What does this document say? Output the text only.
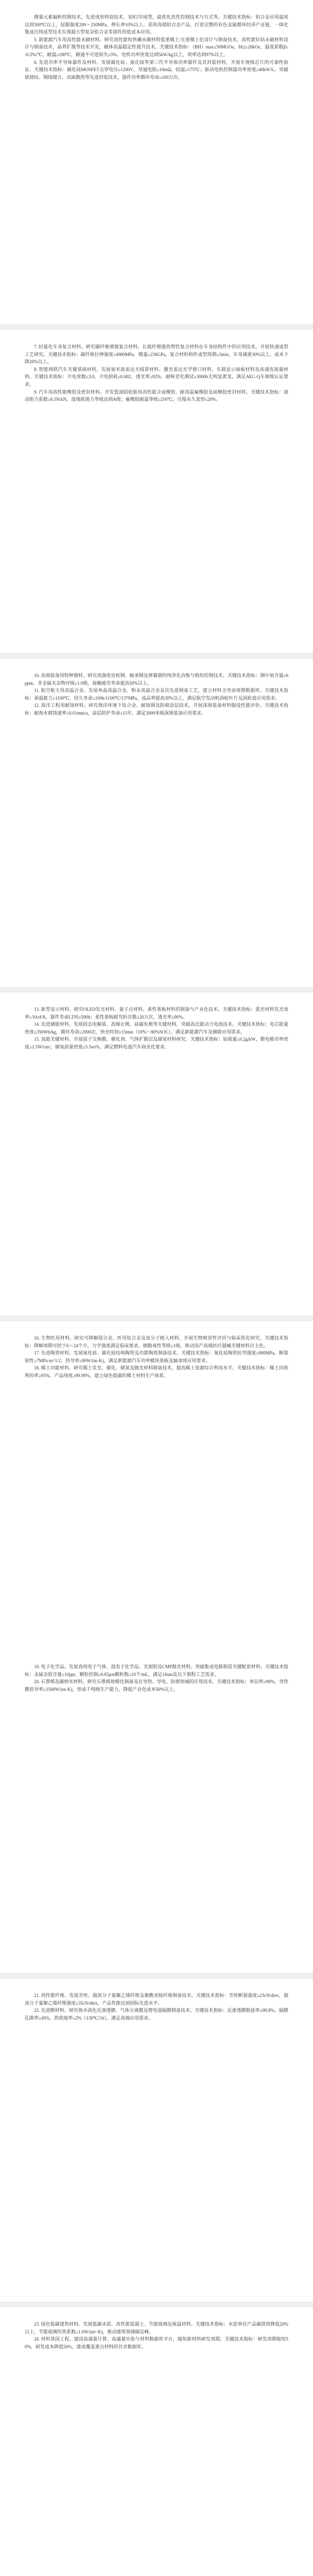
微量元素偏析控制技术，先进成形铸造技术，3D打印成型，最优化改性控制技术与方式等。关键技术指标：铝合金应用温度达到300℃以上，屈服强度200～250MPa，伸长率10%以上。采用高端铝合金产品，打造完整的有色金属循环经济产业链，一体化集成压铸成型技术实现超大型复杂铝合金零部件的低成本应用。

5. 新能源汽车用高性能永磁材料。研究高性能钕铁硼永磁材料低重稀土/无重稀土化设计与制备技术，高性能钐钴永磁材料设计与制备技术，晶界扩散等技术开发，磁体高温稳定性提升技术。关键技术指标：（BH）max≥50MGOe，Hcj≥20kOe，温度系数β≤-0.5%/℃，耐温≥180℃，磁通不可逆损失≤5%。电机功率密度达到5kW/kg以上，效率达到97%以上。

6. 先进功率半导体器件及材料。发展碳化硅、氮化镓等第三代半导体功率器件及其封装材料，开展车规级芯片的可靠性验证。关键技术指标：碳化硅MOSFET击穿电压≥1200V，导通电阻≤10mΩ，结温≥175℃；驱动电机控制器功率密度≥40kW/L。突破银烧结、铜线键合、双面散热等先进封装技术，器件功率循环寿命≥100万次。

7. 轻量化车身复合材料。研究碳纤维增强复合材料、长玻纤增强热塑性复合材料在车身结构件中的应用技术，开展快速成型工艺研究。关键技术指标：碳纤维拉伸强度≥4900MPa，模量≥230GPa，复合材料构件成型周期≤3min，车身减重30%以上，成本下降20%以上。

8. 智能网联汽车关键基础材料。发展毫米波雷达天线罩材料、激光雷达光学窗口材料、车载显示面板材料及高速连接器材料。关键技术指标：介电常数≤3.0，介电损耗≤0.002，透光率≥92%，耐候老化测试≥3000h无明显黄变，满足AEC-Q车规级认证要求。

9. 汽车用高性能橡胶及密封材料。开发低滚阻轮胎用高性能合成橡胶、耐高温氟橡胶及硅橡胶密封材料。关键技术指标：滚动阻力系数≤6.5N/kN，湿地抓地力等级达到A级；氟橡胶耐温等级≥250℃，压缩永久变形≤20%。

10. 高端装备用特种钢材。研究高强度齿轮钢、轴承钢及弹簧钢的纯净化冶炼与组织控制技术。关键技术指标：钢中氧含量≤6ppm，非金属夹杂物评级≤1.0级，接触疲劳寿命提高50%以上。

11. 航空航天用高温合金。发展单晶高温合金、粉末高温合金及其先进制备工艺，建立材料全寿命周期数据库。关键技术指标：承温能力≥1100℃，持久寿命≥100h/1100℃/137MPa，成品率提高30%以上，满足航空发动机涡轮叶片及涡轮盘应用需求。

12. 海洋工程用耐蚀材料。研究海洋环境下钛合金、耐蚀钢及防腐涂层技术，开展深海装备材料服役性能评价。关键技术指标：耐海水腐蚀速率≤0.01mm/a，涂层防护寿命≥15年，满足3000米级深海装备应用要求。

13. 新型显示材料。研究OLED发光材料、量子点材料、柔性基板材料的制备与产业化技术。关键技术指标：蓝光材料发光效率≥10cd/A，器件寿命LT95≥500h；柔性基板耐弯折次数≥20万次，透光率≥90%。

14. 先进储能材料。发展固态电解质、高镍正极、硅碳负极等关键材料，突破高比能动力电池技术。关键技术指标：电芯能量密度≥350Wh/kg，循环寿命≥2000次，快充时间≤15min（10%～80%SOC），满足新能源汽车及储能应用需求。

15. 氢能关键材料。开展质子交换膜、催化剂、气体扩散层及储氢材料研究。关键技术指标：铂载量≤0.2g/kW，膜电极功率密度≥1.5W/cm²，储氢质量密度≥5.5wt%，满足燃料电池汽车商业化要求。

16. 生物医用材料。研究可降解镁合金、医用钛合金及高分子植入材料，开展生物相容性评价与临床转化研究。关键技术指标：降解周期可控于6～24个月，力学强度满足临床要求，细胞毒性等级≤1级，推动国产高端医疗器械关键材料自主化。

17. 先进陶瓷材料。发展氮化硅、碳化硅结构陶瓷及功能陶瓷制备技术。关键技术指标：氮化硅陶瓷抗弯强度≥900MPa，断裂韧性≥7MPa·m^1/2，热导率≥90W/(m·K)，满足新能源汽车功率模块基板及轴承球应用要求。

18. 稀土功能材料。研究稀土发光、催化、储氢及抛光材料制备技术，提高稀土资源综合利用水平。关键技术指标：稀土回收利用率≥95%，产品纯度≥99.99%，建立绿色低碳的稀土材料生产体系。

19. 电子化学品。发展高纯电子气体、湿电子化学品、光刻胶及CMP抛光材料，突破集成电路制造关键配套材料。关键技术指标：金属杂质含量≤10ppt，颗粒控制≥0.05μm颗粒数≤10个/mL，满足14nm及以下制程工艺需求。

20. 石墨烯及碳纳米材料。研究石墨烯规模化制备及在导热、导电、防腐领域的应用技术。关键技术指标：单层率≥90%，导热膜热导率≥1500W/(m·K)，形成千吨级生产能力，降低产业化成本50%以上。

21. 高性能纤维。发展芳纶、超高分子量聚乙烯纤维及聚酰亚胺纤维制备技术。关键技术指标：芳纶断裂强度≥23cN/dtex，超高分子量聚乙烯纤维强度≥35cN/dtex，产品性能达到国际先进水平。

22. 先进膜材料。研究海水淡化反渗透膜、气体分离膜及锂电池隔膜制备技术。关键技术指标：反渗透膜脱盐率≥99.8%，隔膜孔隙率≥45%，热收缩率≤2%（130℃/1h），满足高端应用需求。

23. 绿色低碳建筑材料。发展低碳水泥、高性能混凝土、节能玻璃及保温材料。关键技术指标：水泥单位产品碳排放降低20%以上，节能玻璃传热系数≤1.0W/(m²·K)，推动建筑领域碳达峰。

24. 材料基因工程。建设高通量计算、高通量实验与材料数据库平台，缩短新材料研发周期。关键技术指标：研发周期缩短50%，研发成本降低50%，建成覆盖重点材料的共享数据库。
